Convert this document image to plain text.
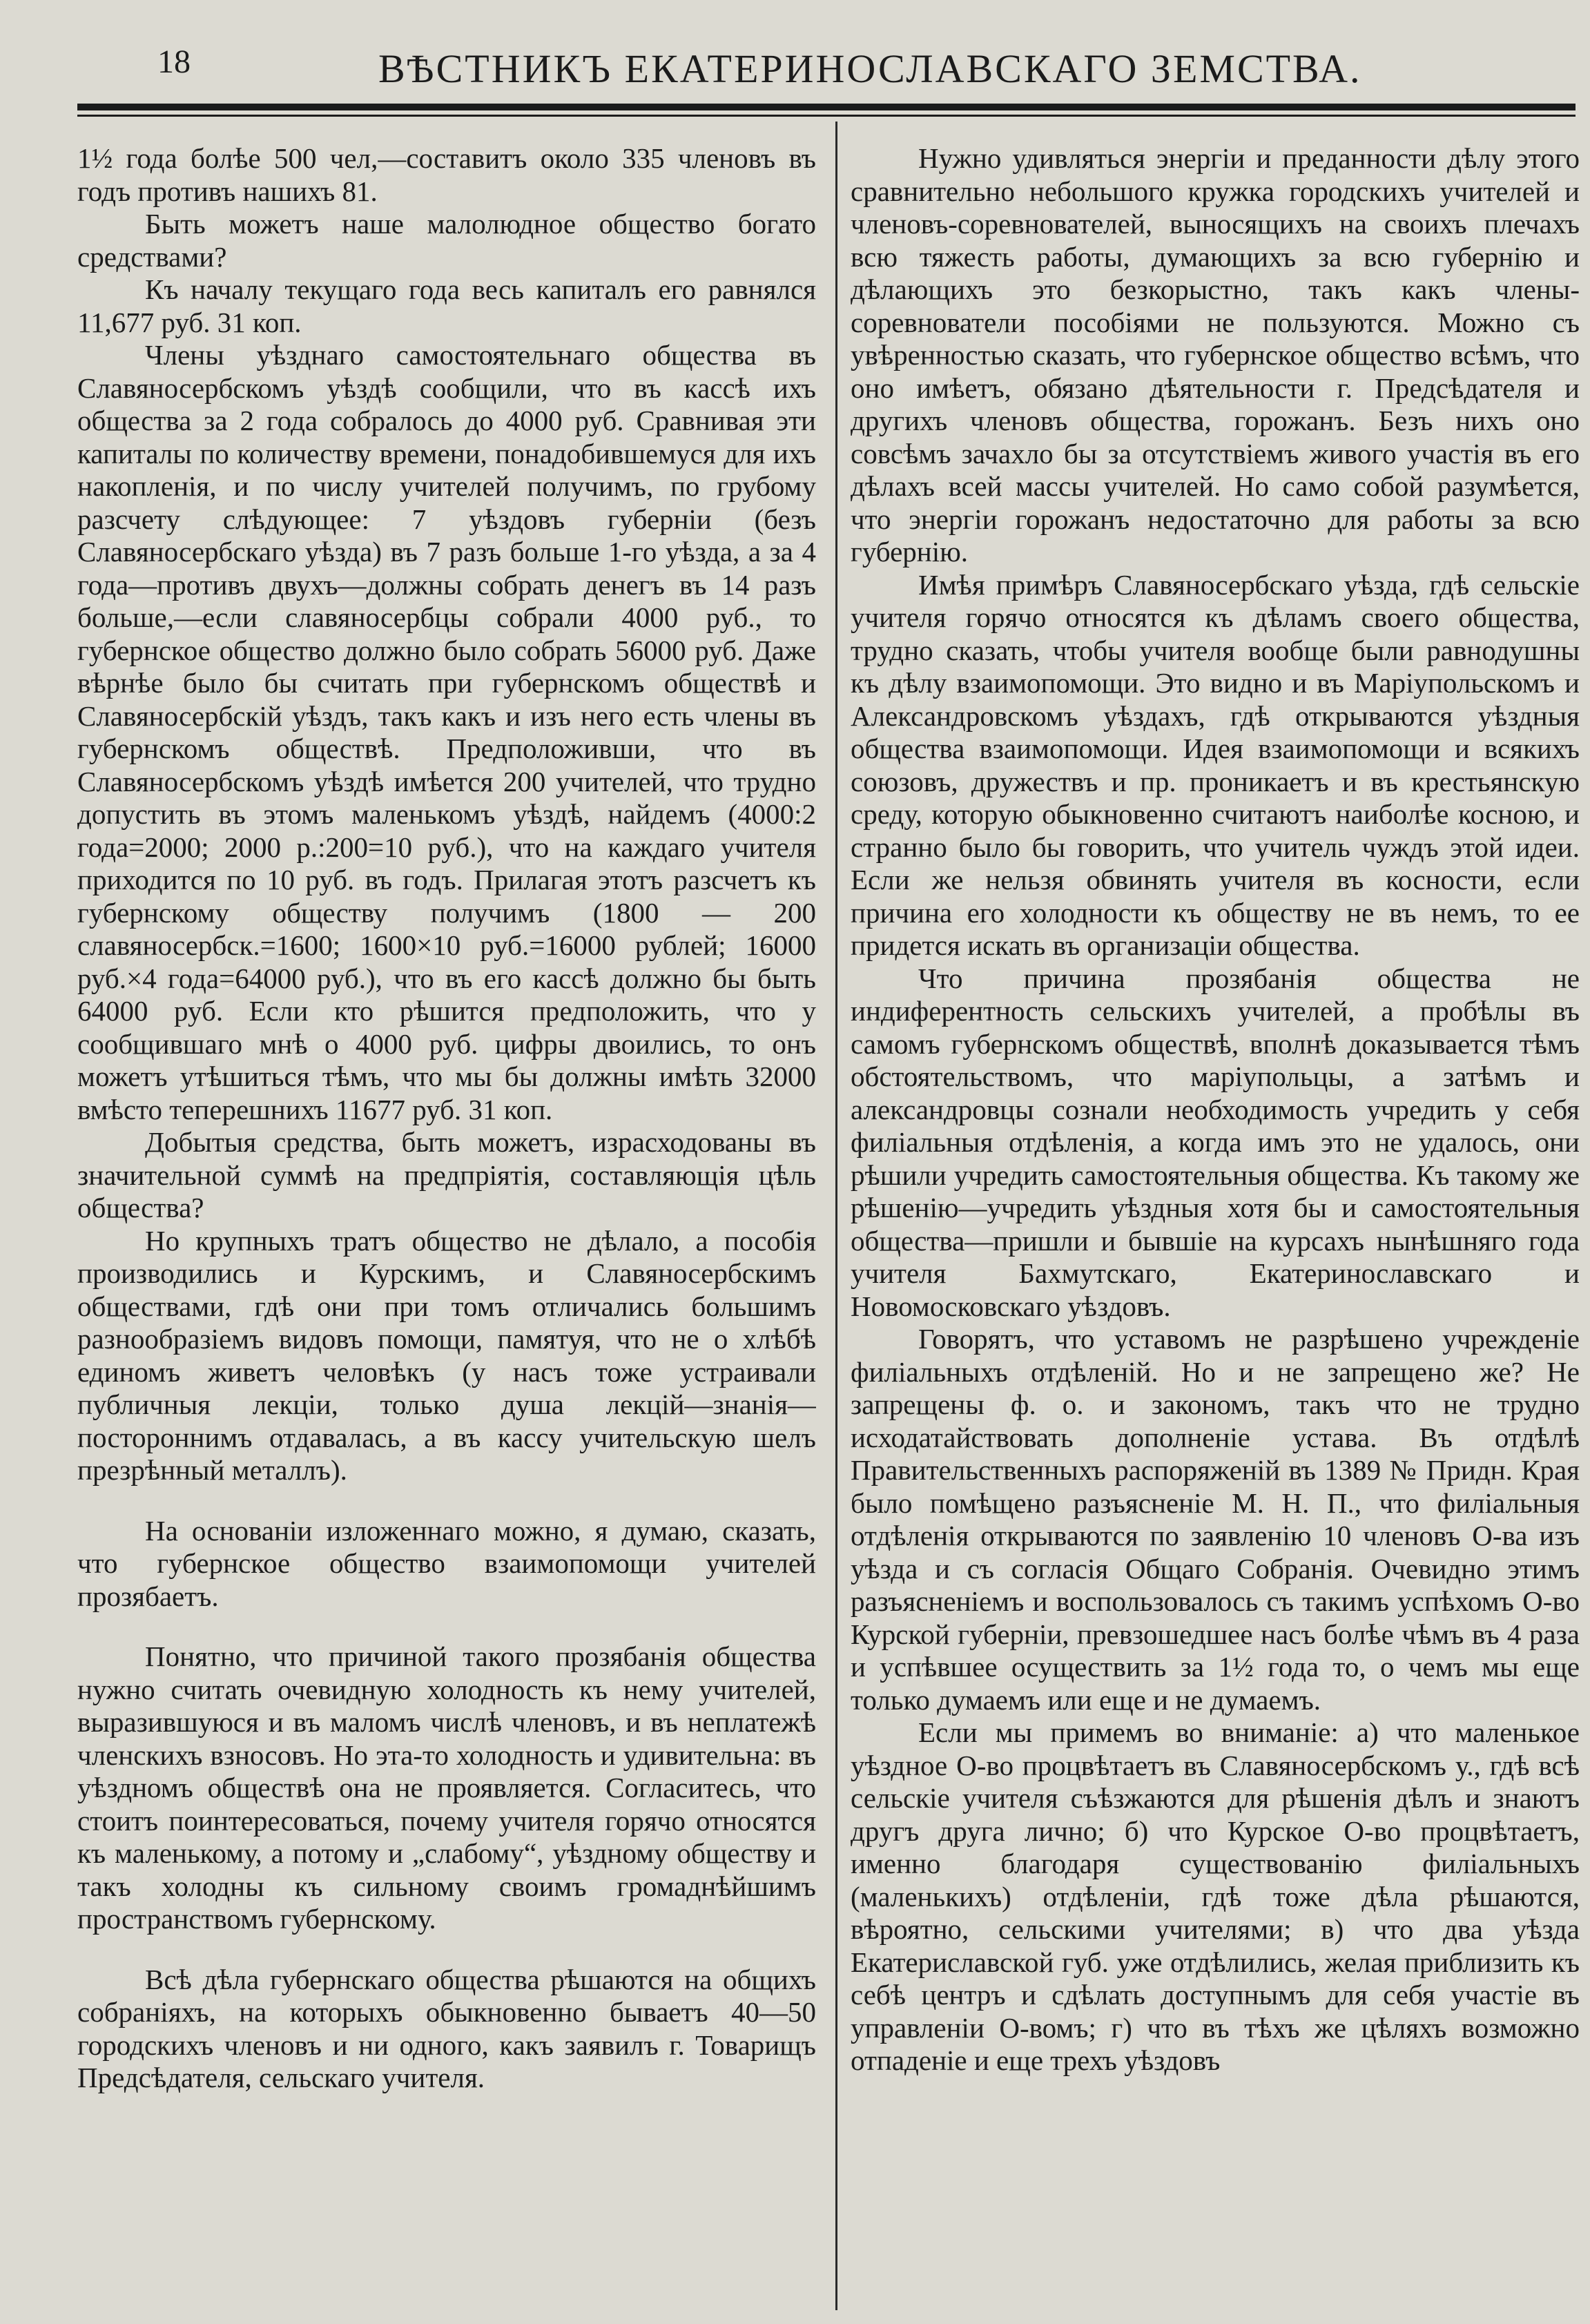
18	ВѢСТНИКЪ ЕКАТЕРИНОСЛАВСКАГО ЗЕМСТВА.

1½ года болѣе 500 чел,—составитъ около 335 членовъ въ годъ противъ нашихъ 81.

Быть можетъ наше малолюдное общество богато средствами?

Къ началу текущаго года весь капиталъ его равнялся 11,677 руб. 31 коп.

Члены уѣзднаго самостоятельнаго общества въ Славяносербскомъ уѣздѣ сообщили, что въ кассѣ ихъ общества за 2 года собралось до 4000 руб. Сравнивая эти капиталы по количеству времени, понадобившемуся для ихъ накопленія, и по числу учителей получимъ, по грубому разсчету слѣдующее: 7 уѣздовъ губерніи (безъ Славяносербскаго уѣзда) въ 7 разъ больше 1-го уѣзда, а за 4 года—противъ двухъ—должны собрать денегъ въ 14 разъ больше,—если славяносербцы собрали 4000 руб., то губернское общество должно было собрать 56000 руб. Даже вѣрнѣе было бы считать при губернскомъ обществѣ и Славяносербскій уѣздъ, такъ какъ и изъ него есть члены въ губернскомъ обществѣ. Предположивши, что въ Славяносербскомъ уѣздѣ имѣется 200 учителей, что трудно допустить въ этомъ маленькомъ уѣздѣ, найдемъ (4000:2 года=2000; 2000 р.:200=10 руб.), что на каждаго учителя приходится по 10 руб. въ годъ. Прилагая этотъ разсчетъ къ губернскому обществу получимъ (1800 — 200 славяносербск.=1600; 1600×10 руб.=16000 рублей; 16000 руб.×4 года=64000 руб.), что въ его кассѣ должно бы быть 64000 руб. Если кто рѣшится предположить, что у сообщившаго мнѣ о 4000 руб. цифры двоились, то онъ можетъ утѣшиться тѣмъ, что мы бы должны имѣть 32000 вмѣсто теперешнихъ 11677 руб. 31 коп.

Добытыя средства, быть можетъ, израсходованы въ значительной суммѣ на предпріятія, составляющія цѣль общества?

Но крупныхъ тратъ общество не дѣлало, а пособія производились и Курскимъ, и Славяносербскимъ обществами, гдѣ они при томъ отличались большимъ разнообразіемъ видовъ помощи, памятуя, что не о хлѣбѣ единомъ живетъ человѣкъ (у насъ тоже устраивали публичныя лекціи, только душа лекцій—знанія—постороннимъ отдавалась, а въ кассу учительскую шелъ презрѣнный металлъ).

На основаніи изложеннаго можно, я думаю, сказать, что губернское общество взаимопомощи учителей прозябаетъ.

Понятно, что причиной такого прозябанія общества нужно считать очевидную холодность къ нему учителей, выразившуюся и въ маломъ числѣ членовъ, и въ неплатежѣ членскихъ взносовъ. Но эта-то холодность и удивительна: въ уѣздномъ обществѣ она не проявляется. Согласитесь, что стоитъ поинтересоваться, почему учителя горячо относятся къ маленькому, а потому и „слабому“, уѣздному обществу и такъ холодны къ сильному своимъ громаднѣйшимъ пространствомъ губернскому.

Всѣ дѣла губернскаго общества рѣшаются на общихъ собраніяхъ, на которыхъ обыкновенно бываетъ 40—50 городскихъ членовъ и ни одного, какъ заявилъ г. Товарищъ Предсѣдателя, сельскаго учителя.

Нужно удивляться энергіи и преданности дѣлу этого сравнительно небольшого кружка городскихъ учителей и членовъ-соревнователей, выносящихъ на своихъ плечахъ всю тяжесть работы, думающихъ за всю губернію и дѣлающихъ это безкорыстно, такъ какъ члены-соревнователи пособіями не пользуются. Можно съ увѣренностью сказать, что губернское общество всѣмъ, что оно имѣетъ, обязано дѣятельности г. Предсѣдателя и другихъ членовъ общества, горожанъ. Безъ нихъ оно совсѣмъ зачахло бы за отсутствіемъ живого участія въ его дѣлахъ всей массы учителей. Но само собой разумѣется, что энергіи горожанъ недостаточно для работы за всю губернію.

Имѣя примѣръ Славяносербскаго уѣзда, гдѣ сельскіе учителя горячо относятся къ дѣламъ своего общества, трудно сказать, чтобы учителя вообще были равнодушны къ дѣлу взаимопомощи. Это видно и въ Маріупольскомъ и Александровскомъ уѣздахъ, гдѣ открываются уѣздныя общества взаимопомощи. Идея взаимопомощи и всякихъ союзовъ, дружествъ и пр. проникаетъ и въ крестьянскую среду, которую обыкновенно считаютъ наиболѣе косною, и странно было бы говорить, что учитель чуждъ этой идеи. Если же нельзя обвинять учителя въ косности, если причина его холодности къ обществу не въ немъ, то ее придется искать въ организаціи общества.

Что причина прозябанія общества не индиферентность сельскихъ учителей, а пробѣлы въ самомъ губернскомъ обществѣ, вполнѣ доказывается тѣмъ обстоятельствомъ, что маріупольцы, а затѣмъ и александровцы сознали необходимость учредить у себя филіальныя отдѣленія, а когда имъ это не удалось, они рѣшили учредить самостоятельныя общества. Къ такому же рѣшенію—учредить уѣздныя хотя бы и самостоятельныя общества—пришли и бывшіе на курсахъ нынѣшняго года учителя Бахмутскаго, Екатеринославскаго и Новомосковскаго уѣздовъ.

Говорятъ, что уставомъ не разрѣшено учрежденіе филіальныхъ отдѣленій. Но и не запрещено же? Не запрещены ф. о. и закономъ, такъ что не трудно исходатайствовать дополненіе устава. Въ отдѣлѣ Правительственныхъ распоряженій въ 1389 № Придн. Края было помѣщено разъясненіе М. Н. П., что филіальныя отдѣленія открываются по заявленію 10 членовъ О-ва изъ уѣзда и съ согласія Общаго Собранія. Очевидно этимъ разъясненіемъ и воспользовалось съ такимъ успѣхомъ О-во Курской губерніи, превзошедшее насъ болѣе чѣмъ въ 4 раза и успѣвшее осуществить за 1½ года то, о чемъ мы еще только думаемъ или еще и не думаемъ.

Если мы примемъ во вниманіе: а) что маленькое уѣздное О-во процвѣтаетъ въ Славяносербскомъ у., гдѣ всѣ сельскіе учителя съѣзжаются для рѣшенія дѣлъ и знаютъ другъ друга лично; б) что Курское О-во процвѣтаетъ, именно благодаря существованію филіальныхъ (маленькихъ) отдѣленіи, гдѣ тоже дѣла рѣшаются, вѣроятно, сельскими учителями; в) что два уѣзда Екатериславской губ. уже отдѣлились, желая приблизить къ себѣ центръ и сдѣлать доступнымъ для себя участіе въ управленіи О-вомъ; г) что въ тѣхъ же цѣляхъ возможно отпаденіе и еще трехъ уѣздовъ
